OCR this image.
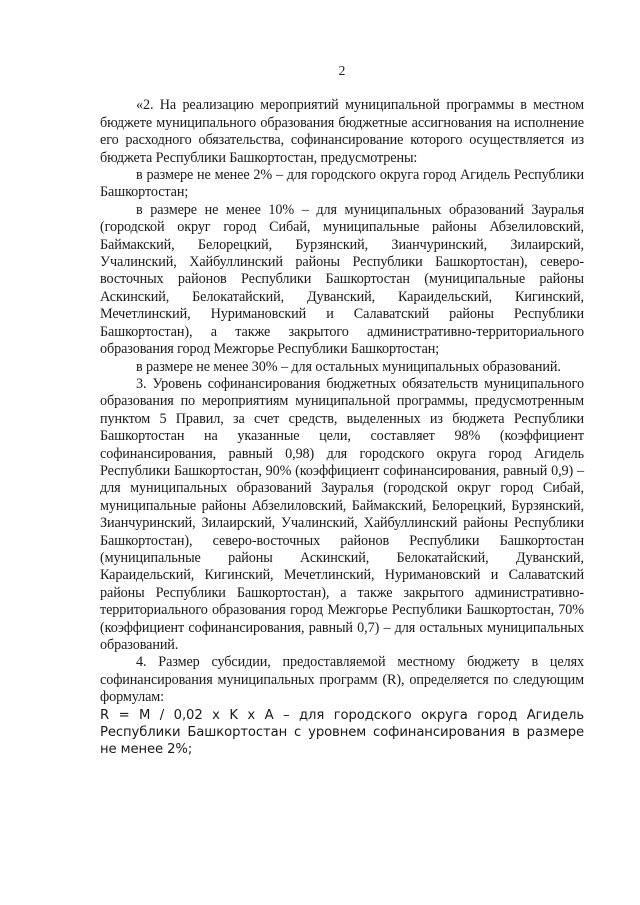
2

«2. На реализацию мероприятий муниципальной программы в местном бюджете муниципального образования бюджетные ассигнования на исполнение его расходного обязательства, софинансирование которого осуществляется из бюджета Республики Башкортостан, предусмотрены:

в размере не менее 2% – для городского округа город Агидель Республики Башкортостан;

в размере не менее 10% – для муниципальных образований Зауралья (городской округ город Сибай, муниципальные районы Абзелиловский, Баймакский, Белорецкий, Бурзянский, Зианчуринский, Зилаирский, Учалинский, Хайбуллинский районы Республики Башкортостан), северо-восточных районов Республики Башкортостан (муниципальные районы Аскинский, Белокатайский, Дуванский, Караидельский, Кигинский, Мечетлинский, Нуримановский и Салаватский районы Республики Башкортостан), а также закрытого административно-территориального образования город Межгорье Республики Башкортостан;

в размере не менее 30% – для остальных муниципальных образований.

3. Уровень софинансирования бюджетных обязательств муниципального образования по мероприятиям муниципальной программы, предусмотренным пунктом 5 Правил, за счет средств, выделенных из бюджета Республики Башкортостан на указанные цели, составляет 98% (коэффициент софинансирования, равный 0,98) для городского округа город Агидель Республики Башкортостан, 90% (коэффициент софинансирования, равный 0,9) – для муниципальных образований Зауралья (городской округ город Сибай, муниципальные районы Абзелиловский, Баймакский, Белорецкий, Бурзянский, Зианчуринский, Зилаирский, Учалинский, Хайбуллинский районы Республики Башкортостан), северо-восточных районов Республики Башкортостан (муниципальные районы Аскинский, Белокатайский, Дуванский, Караидельский, Кигинский, Мечетлинский, Нуримановский и Салаватский районы Республики Башкортостан), а также закрытого административно-территориального образования город Межгорье Республики Башкортостан, 70% (коэффициент софинансирования, равный 0,7) – для остальных муниципальных образований.

4. Размер субсидии, предоставляемой местному бюджету в целях софинансирования муниципальных программ (R), определяется по следующим формулам:

R = M / 0,02 x K x A – для городского округа город Агидель Республики Башкортостан с уровнем софинансирования в размере не менее 2%;
